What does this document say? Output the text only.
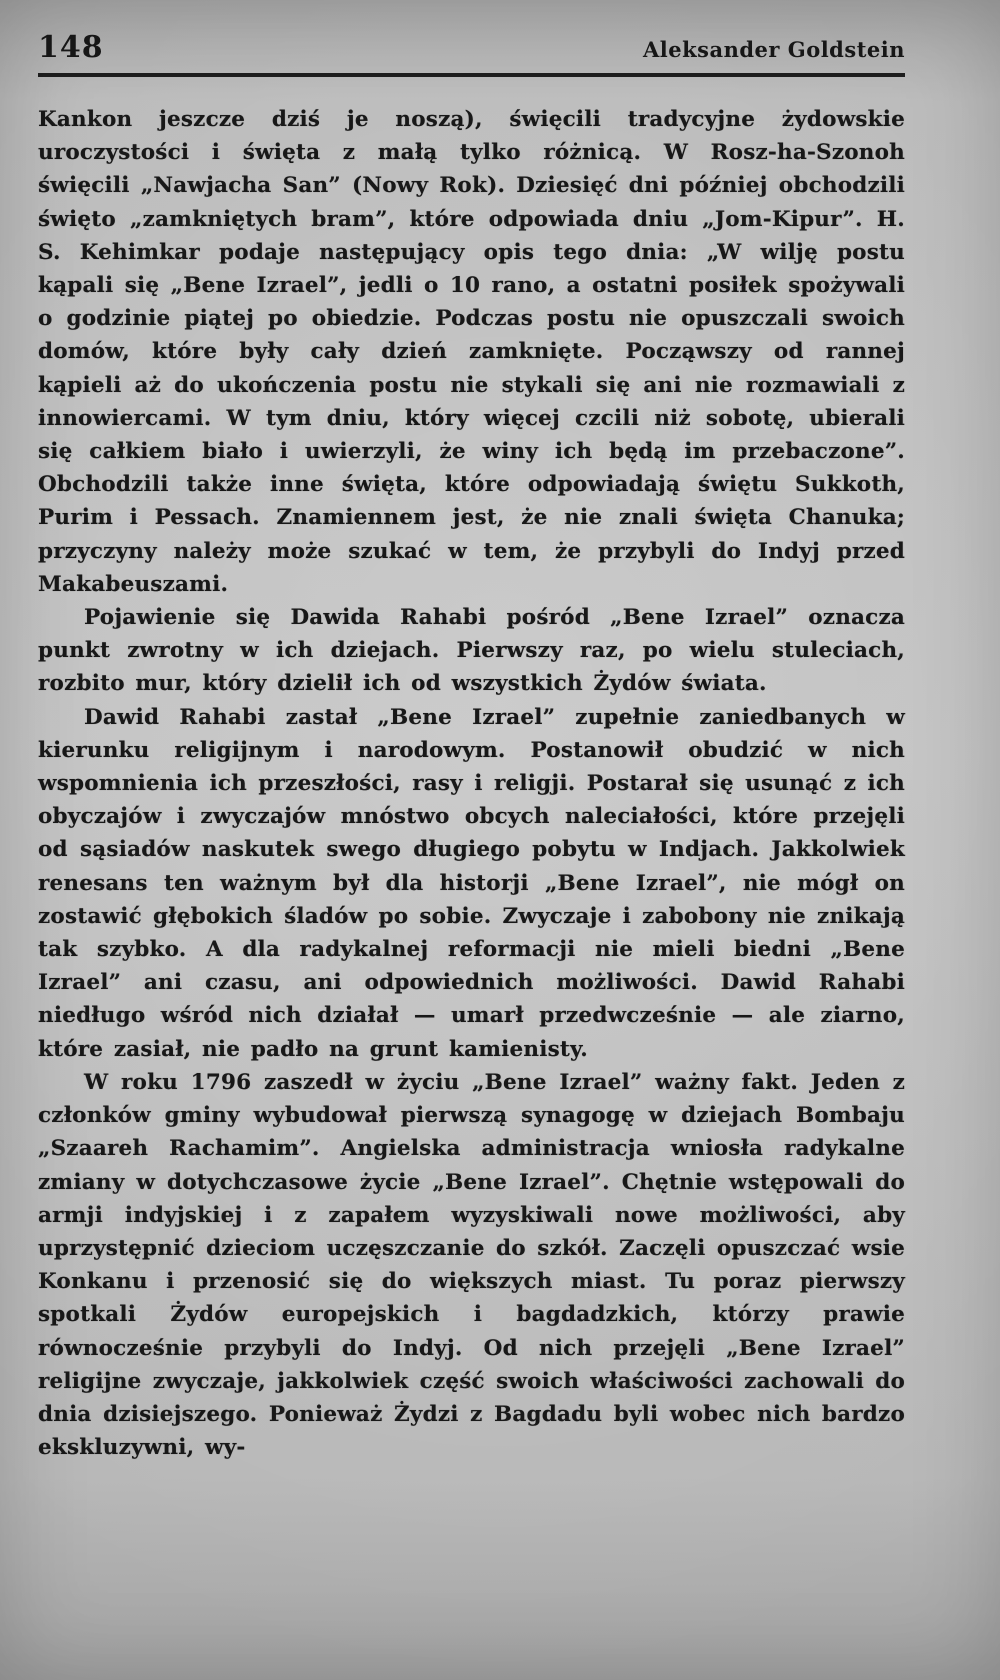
148	Aleksander Goldstein

Kankon jeszcze dziś je noszą), święcili tradycyjne żydowskie uroczystości i święta z małą tylko różnicą. W Rosz-ha-Szonoh święcili „Nawjacha San” (Nowy Rok). Dziesięć dni później obchodzili święto „zamkniętych bram”, które odpowiada dniu „Jom-Kipur”. H. S. Kehimkar podaje następujący opis tego dnia: „W wilję postu kąpali się „Bene Izrael”, jedli o 10 rano, a ostatni posiłek spożywali o godzinie piątej po obiedzie. Podczas postu nie opuszczali swoich domów, które były cały dzień zamknięte. Począwszy od rannej kąpieli aż do ukończenia postu nie stykali się ani nie rozmawiali z innowiercami. W tym dniu, który więcej czcili niż sobotę, ubierali się całkiem biało i uwierzyli, że winy ich będą im przebaczone”. Obchodzili także inne święta, które odpowiadają świętu Sukkoth, Purim i Pessach. Znamiennem jest, że nie znali święta Chanuka; przyczyny należy może szukać w tem, że przybyli do Indyj przed Makabeuszami.

Pojawienie się Dawida Rahabi pośród „Bene Izrael” oznacza punkt zwrotny w ich dziejach. Pierwszy raz, po wielu stuleciach, rozbito mur, który dzielił ich od wszystkich Żydów świata.

Dawid Rahabi zastał „Bene Izrael” zupełnie zaniedbanych w kierunku religijnym i narodowym. Postanowił obudzić w nich wspomnienia ich przeszłości, rasy i religji. Postarał się usunąć z ich obyczajów i zwyczajów mnóstwo obcych naleciałości, które przejęli od sąsiadów naskutek swego długiego pobytu w Indjach. Jakkolwiek renesans ten ważnym był dla historji „Bene Izrael”, nie mógł on zostawić głębokich śladów po sobie. Zwyczaje i zabobony nie znikają tak szybko. A dla radykalnej reformacji nie mieli biedni „Bene Izrael” ani czasu, ani odpowiednich możliwości. Dawid Rahabi niedługo wśród nich działał — umarł przedwcześnie — ale ziarno, które zasiał, nie padło na grunt kamienisty.

W roku 1796 zaszedł w życiu „Bene Izrael” ważny fakt. Jeden z członków gminy wybudował pierwszą synagogę w dziejach Bombaju „Szaareh Rachamim”. Angielska administracja wniosła radykalne zmiany w dotychczasowe życie „Bene Izrael”. Chętnie wstępowali do armji indyjskiej i z zapałem wyzyskiwali nowe możliwości, aby uprzystępnić dzieciom uczęszczanie do szkół. Zaczęli opuszczać wsie Konkanu i przenosić się do większych miast. Tu poraz pierwszy spotkali Żydów europejskich i bagdadzkich, którzy prawie równocześnie przybyli do Indyj. Od nich przejęli „Bene Izrael” religijne zwyczaje, jakkolwiek część swoich właściwości zachowali do dnia dzisiejszego. Ponieważ Żydzi z Bagdadu byli wobec nich bardzo ekskluzywni, wy-
